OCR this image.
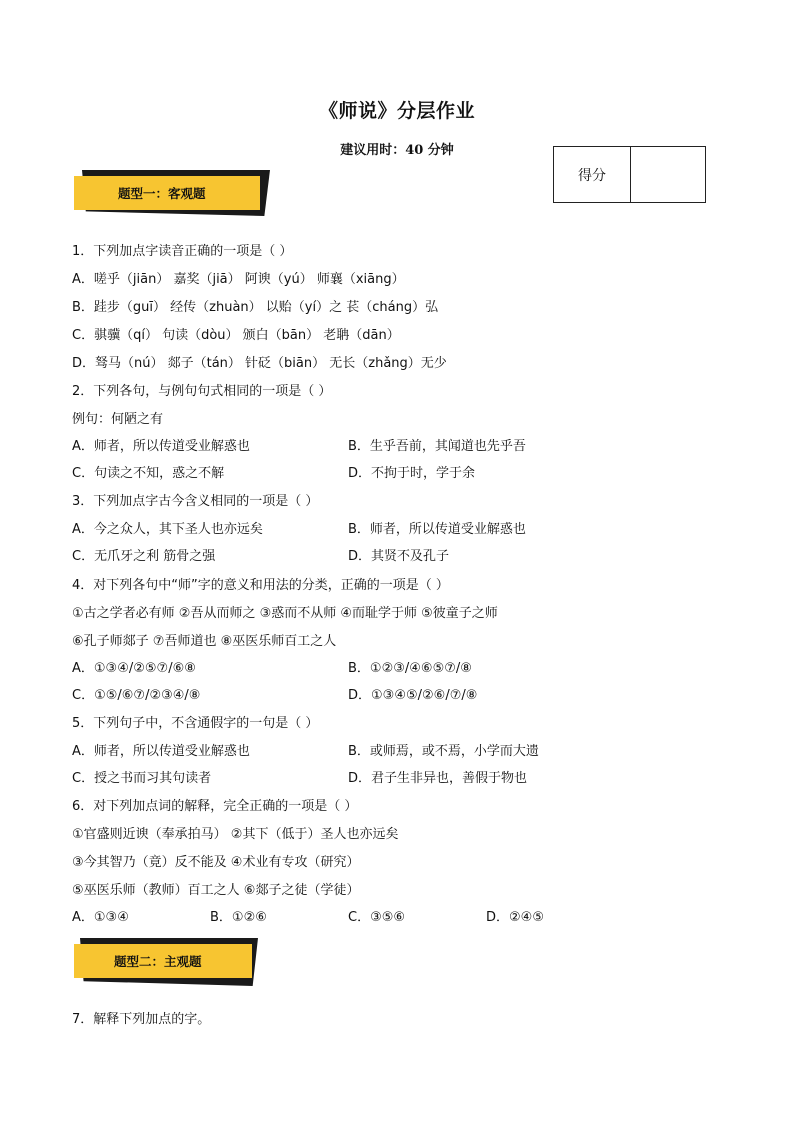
《师说》分层作业
建议用时：40 分钟
得分
题型一：客观题
1．下列加点字读音正确的一项是（ ）
A．嗟乎（jiān） 嘉奖（jiā） 阿谀（yú） 师襄（xiāng）
B．跬步（guī） 经传（zhuàn） 以贻（yí）之 苌（cháng）弘
C．骐骥（qí） 句读（dòu） 颁白（bān） 老聃（dān）
D．驽马（nú） 郯子（tán） 针砭（biān） 无长（zhǎng）无少
2．下列各句，与例句句式相同的一项是（ ）
例句：何陋之有
A．师者，所以传道受业解惑也	B．生乎吾前，其闻道也先乎吾
C．句读之不知，惑之不解	D．不拘于时，学于余
3．下列加点字古今含义相同的一项是（ ）
A．今之众人，其下圣人也亦远矣	B．师者，所以传道受业解惑也
C．无爪牙之利 筋骨之强	D．其贤不及孔子
4．对下列各句中“师”字的意义和用法的分类，正确的一项是（ ）
①古之学者必有师 ②吾从而师之 ③惑而不从师 ④而耻学于师 ⑤彼童子之师
⑥孔子师郯子 ⑦吾师道也 ⑧巫医乐师百工之人
A．①③④/②⑤⑦/⑥⑧	B．①②③/④⑥⑤⑦/⑧
C．①⑤/⑥⑦/②③④/⑧	D．①③④⑤/②⑥/⑦/⑧
5．下列句子中，不含通假字的一句是（ ）
A．师者，所以传道受业解惑也	B．或师焉，或不焉，小学而大遗
C．授之书而习其句读者	D．君子生非异也，善假于物也
6．对下列加点词的解释，完全正确的一项是（ ）
①官盛则近谀（奉承拍马） ②其下（低于）圣人也亦远矣
③今其智乃（竟）反不能及 ④术业有专攻（研究）
⑤巫医乐师（教师）百工之人 ⑥郯子之徒（学徒）
A．①③④	B．①②⑥	C．③⑤⑥	D．②④⑤
题型二：主观题
7．解释下列加点的字。
